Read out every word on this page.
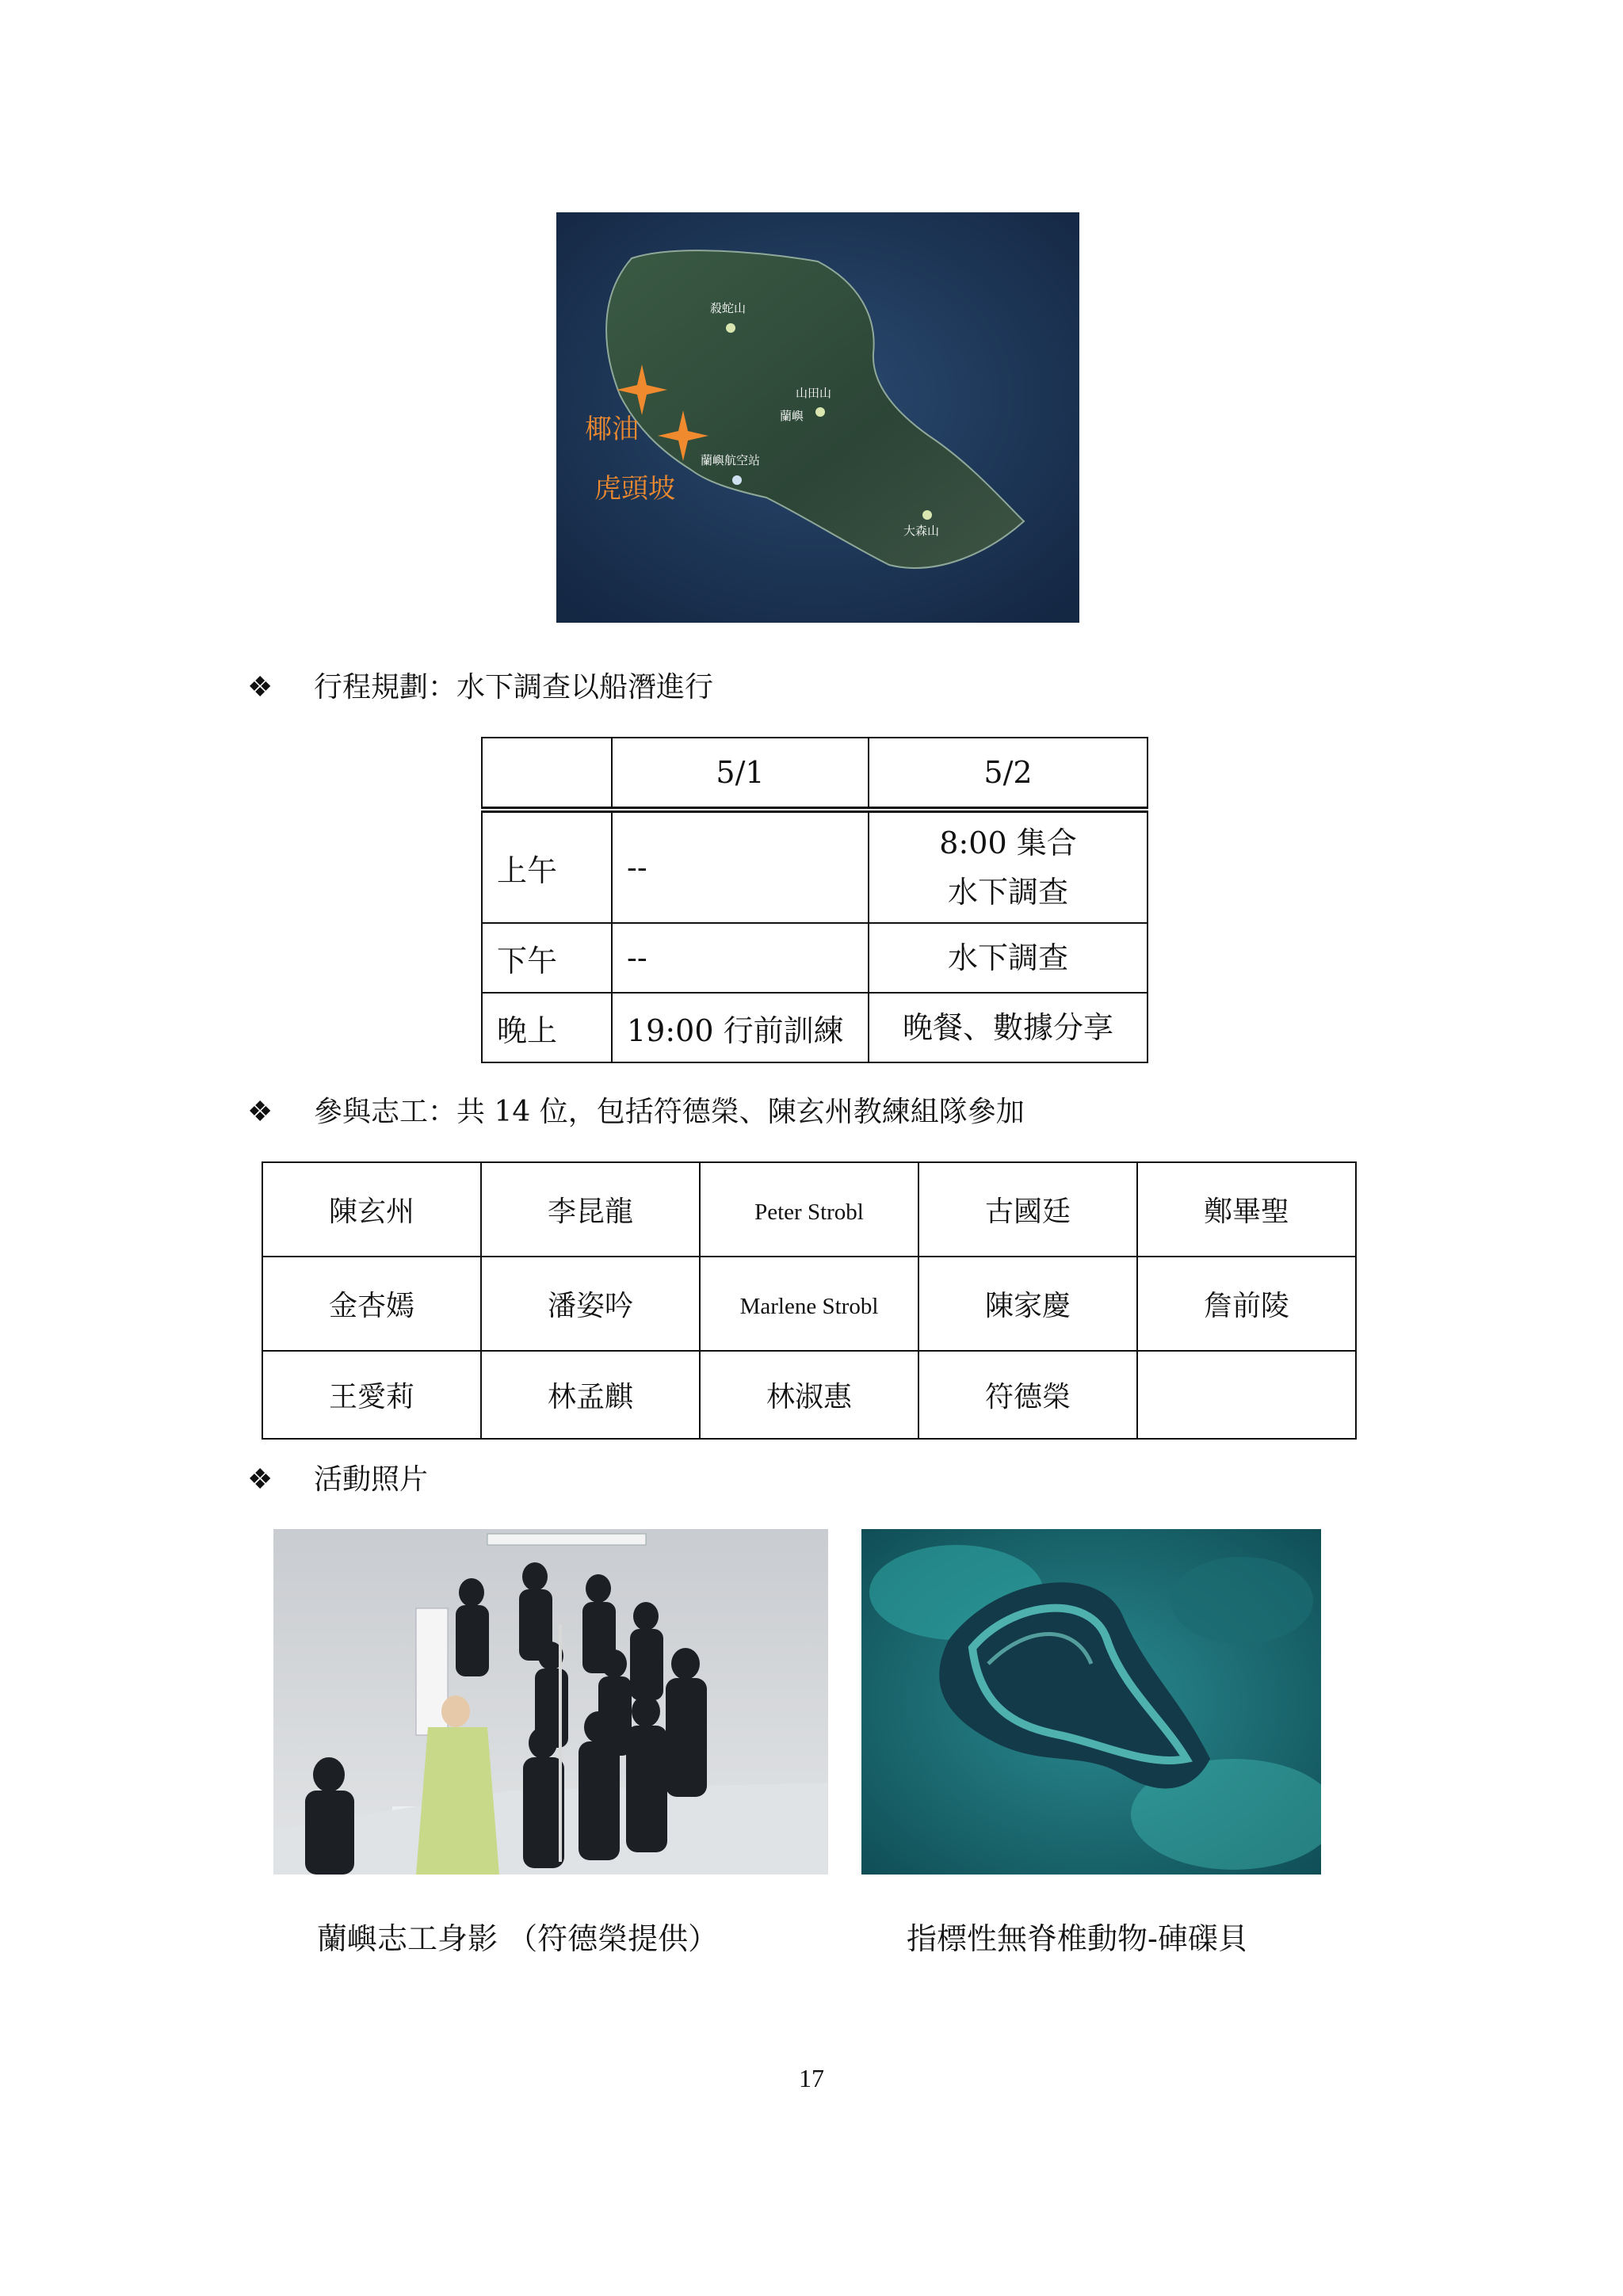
殺蛇山
山田山
蘭嶼
蘭嶼航空站
大森山
椰油
虎頭坡
❖ 行程規劃：水下調查以船潛進行
	5/1	5/2
上午	--	8:00 集合
水下調查

下午	--	水下調查

晚上	19:00 行前訓練	晚餐、數據分享
❖ 參與志工：共 14 位，包括符德榮、陳玄州教練組隊參加
陳玄州	李昆龍	Peter Strobl	古國廷	鄭畢聖
金杏嫣	潘姿吟	Marlene Strobl	陳家慶	詹前陵
王愛莉	林孟麒	林淑惠	符德榮	
❖ 活動照片
蘭嶼志工身影 （符德榮提供）	指標性無脊椎動物-硨磲貝
17
